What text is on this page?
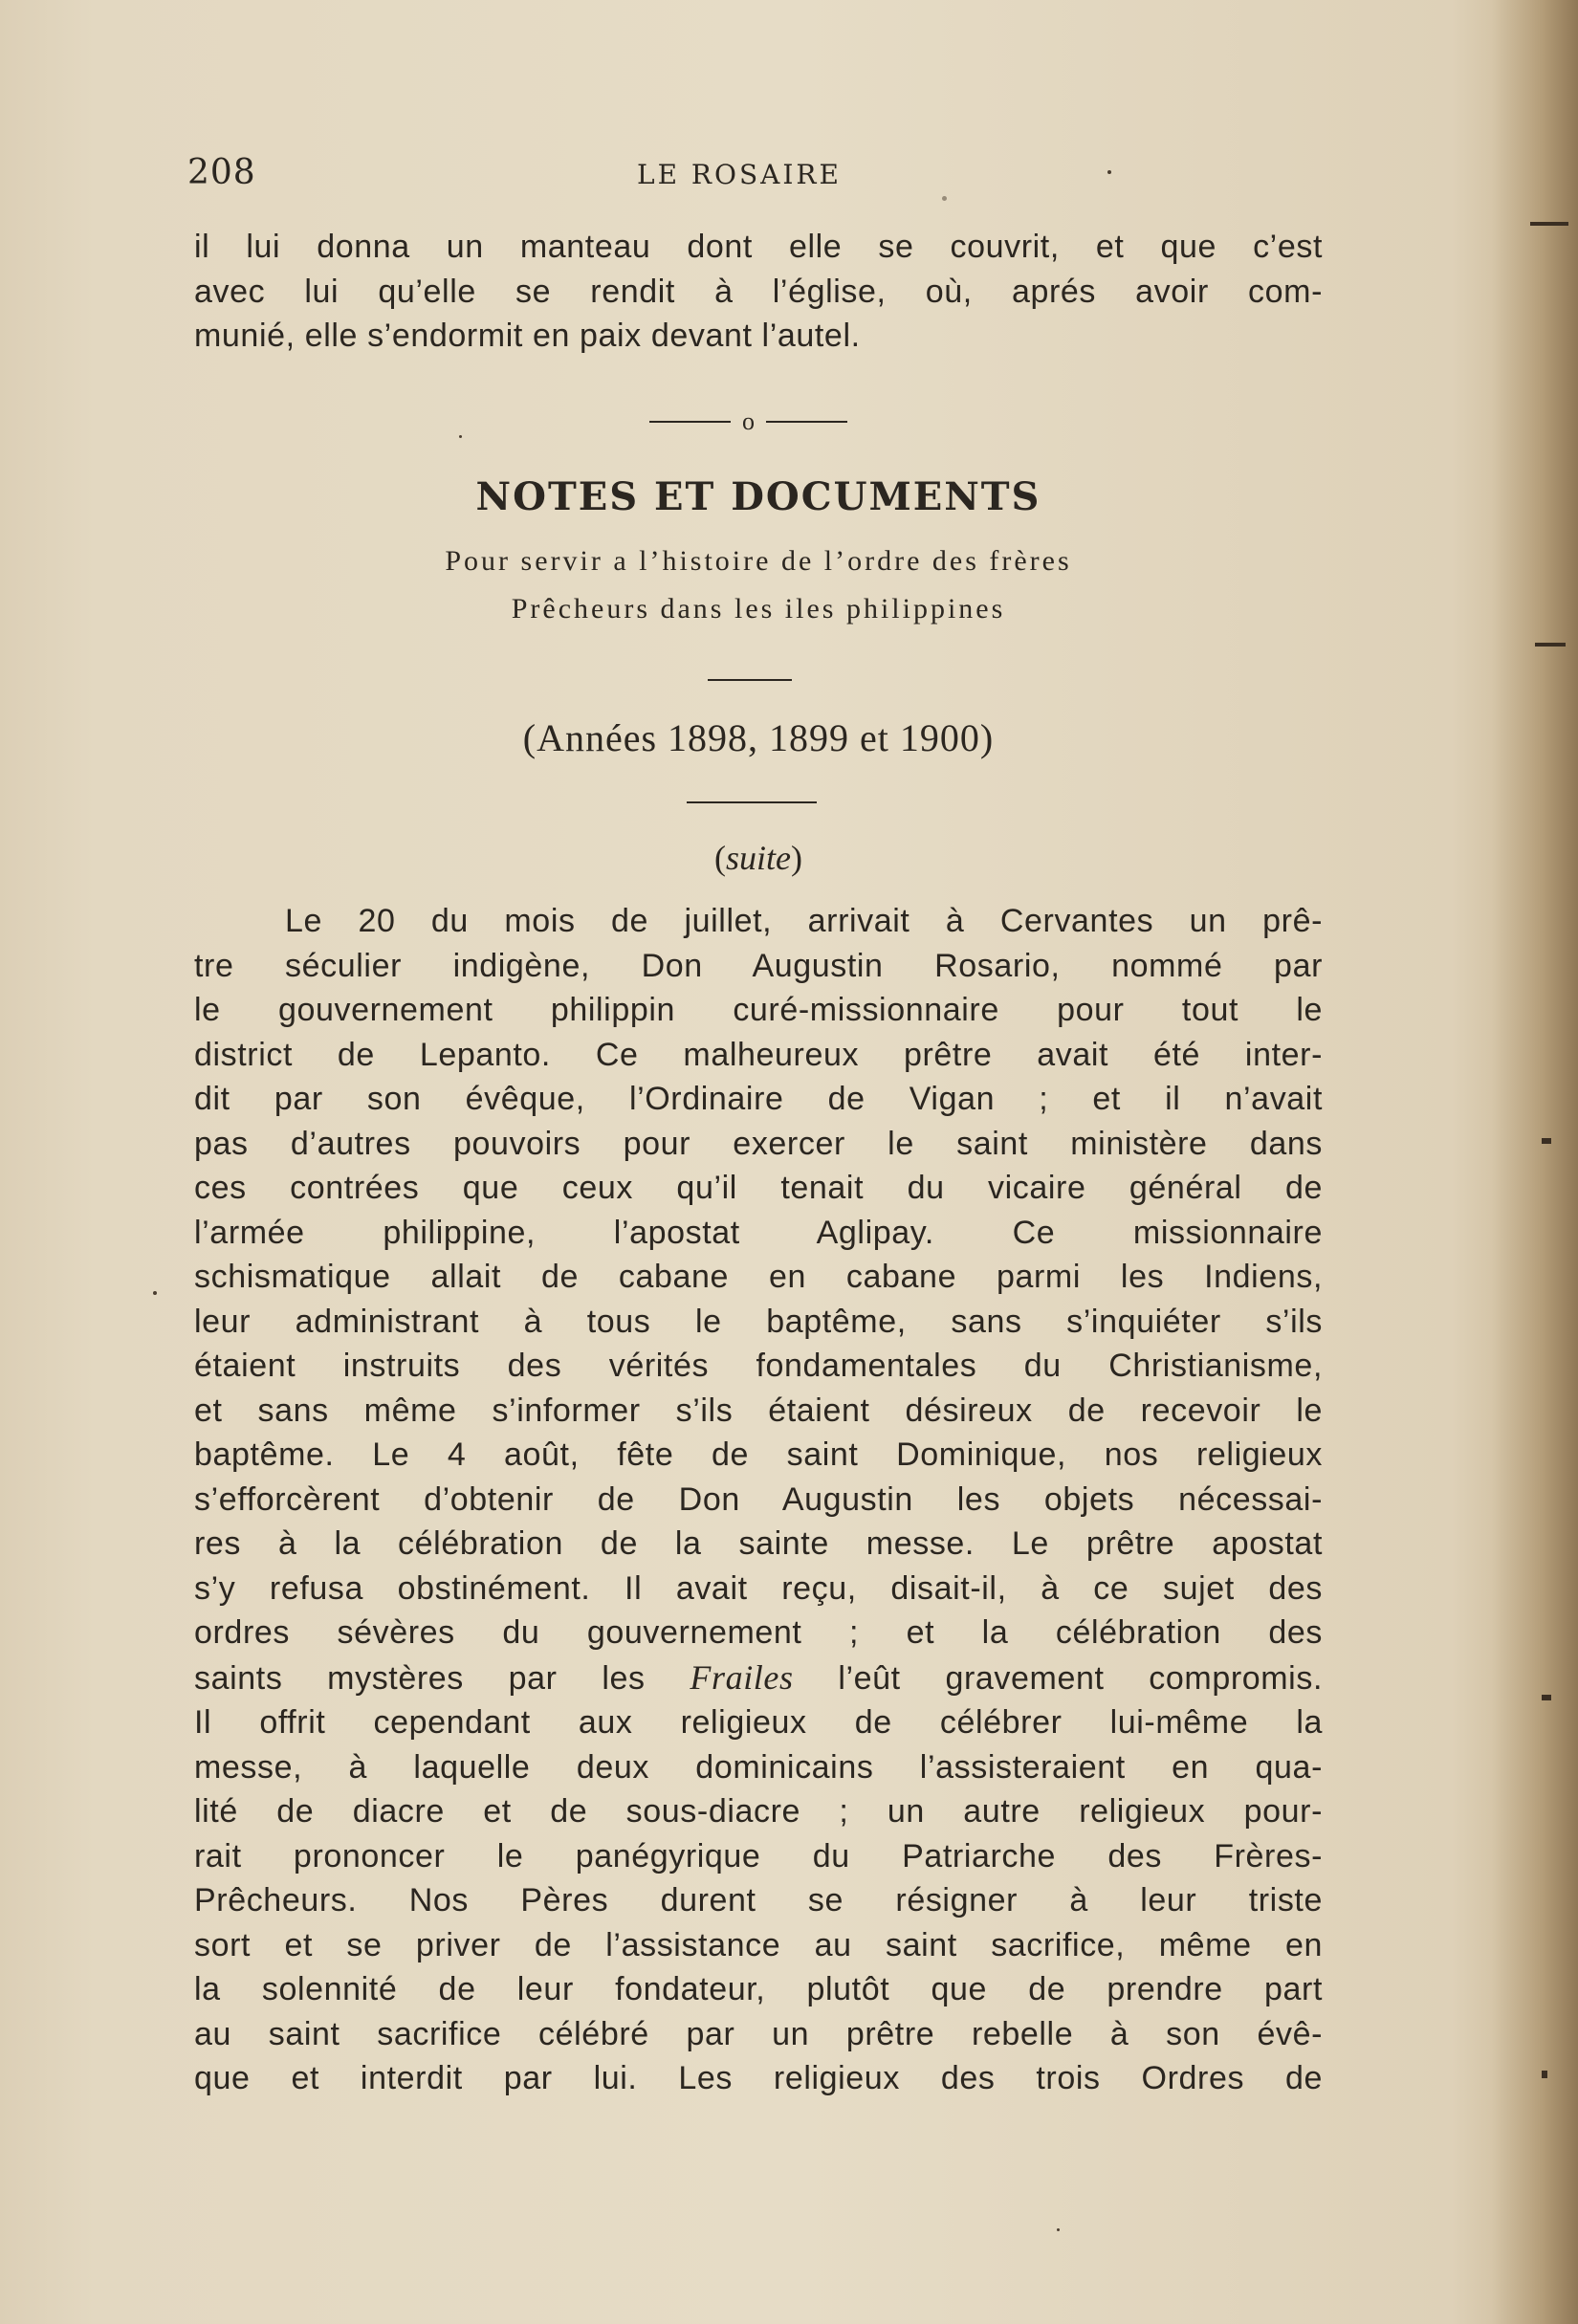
208	LE ROSAIRE

il lui donna un manteau dont elle se couvrit, et que c’est
avec lui qu’elle se rendit à l’église, où, aprés avoir com-
munié, elle s’endormit en paix devant l’autel.

o
NOTES ET DOCUMENTS
Pour servir a l’histoire de l’ordre des frères
Prêcheurs dans les iles philippines
(Années 1898, 1899 et 1900)
(suite)

Le 20 du mois de juillet, arrivait à Cervantes un prê-
tre séculier indigène, Don Augustin Rosario, nommé par
le gouvernement philippin curé-missionnaire pour tout le
district de Lepanto. Ce malheureux prêtre avait été inter-
dit par son évêque, l’Ordinaire de Vigan ; et il n’avait
pas d’autres pouvoirs pour exercer le saint ministère dans
ces contrées que ceux qu’il tenait du vicaire général de
l’armée philippine, l’apostat Aglipay. Ce missionnaire
schismatique allait de cabane en cabane parmi les Indiens,
leur administrant à tous le baptême, sans s’inquiéter s’ils
étaient instruits des vérités fondamentales du Christianisme,
et sans même s’informer s’ils étaient désireux de recevoir le
baptême. Le 4 août, fête de saint Dominique, nos religieux
s’efforcèrent d’obtenir de Don Augustin les objets nécessai-
res à la célébration de la sainte messe. Le prêtre apostat
s’y refusa obstinément. Il avait reçu, disait-il, à ce sujet des
ordres sévères du gouvernement ; et la célébration des
saints mystères par les Frailes l’eût gravement compromis.
Il offrit cependant aux religieux de célébrer lui-même la
messe, à laquelle deux dominicains l’assisteraient en qua-
lité de diacre et de sous-diacre ; un autre religieux pour-
rait prononcer le panégyrique du Patriarche des Frères-
Prêcheurs. Nos Pères durent se résigner à leur triste
sort et se priver de l’assistance au saint sacrifice, même en
la solennité de leur fondateur, plutôt que de prendre part
au saint sacrifice célébré par un prêtre rebelle à son évê-
que et interdit par lui. Les religieux des trois Ordres de
